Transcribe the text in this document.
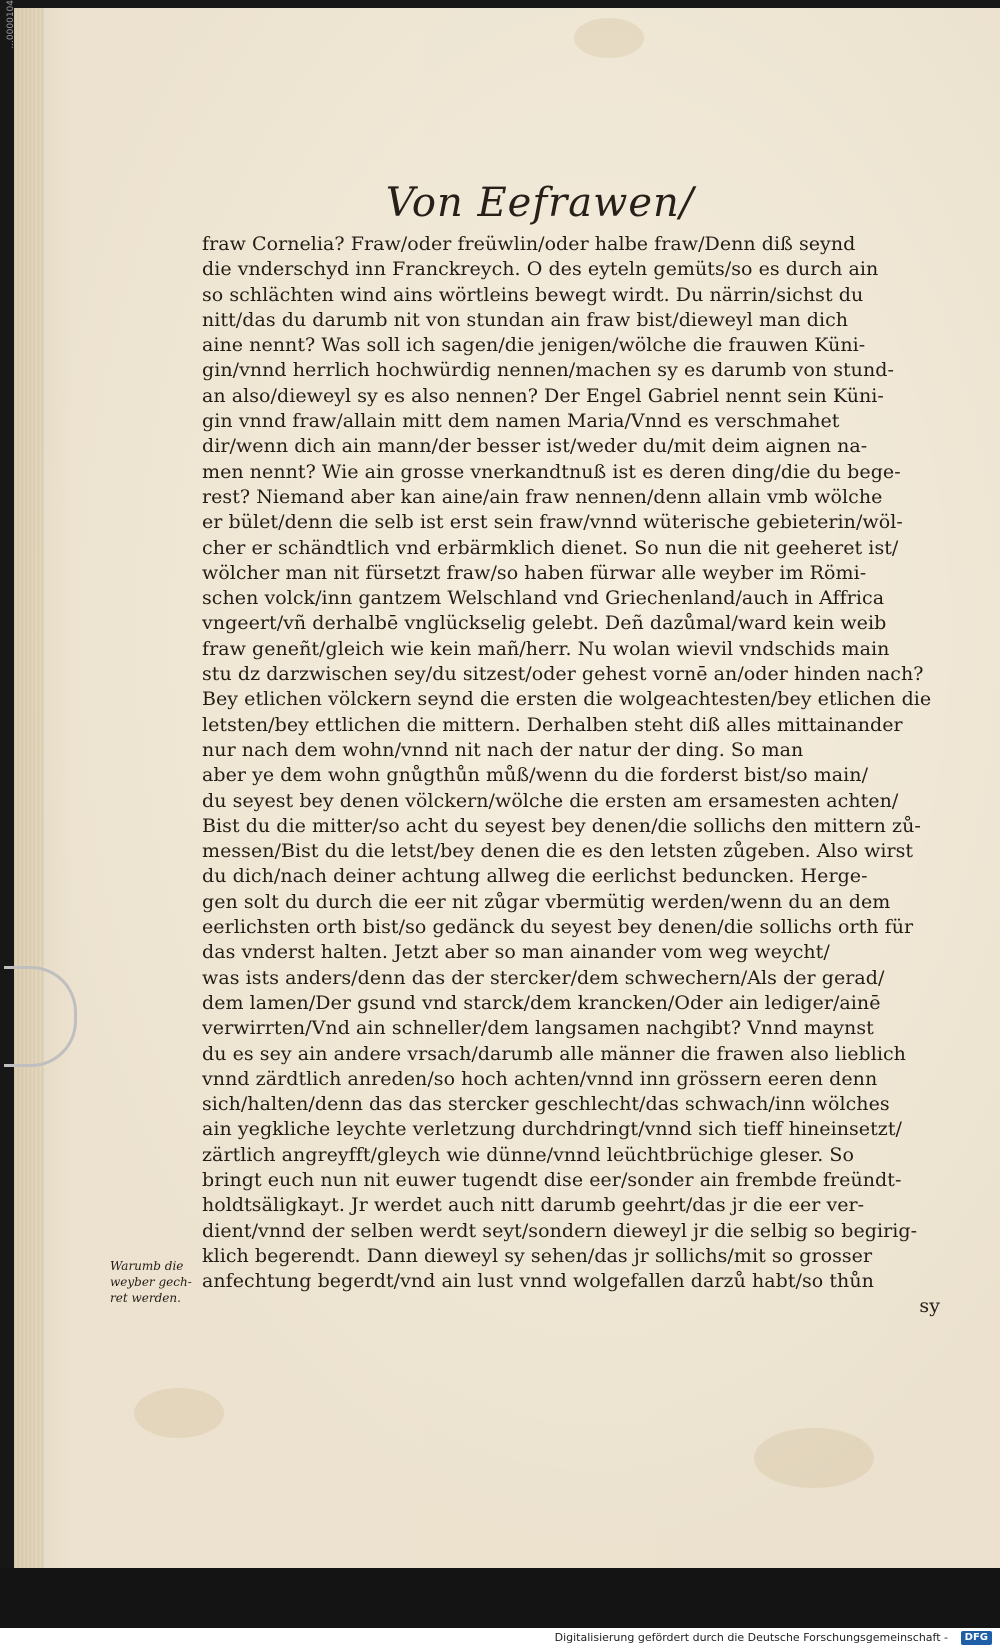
...0000104
Von Eefrawen/
fraw Cornelia? Fraw/oder freüwlin/oder halbe fraw/Denn diß seynd
die vnderschyd inn Franckreych. O des eyteln gemüts/so es durch ain
so schlächten wind ains wörtleins bewegt wirdt. Du närrin/sichst du
nitt/das du darumb nit von stundan ain fraw bist/dieweyl man dich
aine nennt? Was soll ich sagen/die jenigen/wölche die frauwen Küni-
gin/vnnd herrlich hochwürdig nennen/machen sy es darumb von stund-
an also/dieweyl sy es also nennen? Der Engel Gabriel nennt sein Küni-
gin vnnd fraw/allain mitt dem namen Maria/Vnnd es verschmahet
dir/wenn dich ain mann/der besser ist/weder du/mit deim aignen na-
men nennt? Wie ain grosse vnerkandtnuß ist es deren ding/die du bege-
rest? Niemand aber kan aine/ain fraw nennen/denn allain vmb wölche
er bület/denn die selb ist erst sein fraw/vnnd wüterische gebieterin/wöl-
cher er schändtlich vnd erbärmklich dienet. So nun die nit geeheret ist/
wölcher man nit fürsetzt fraw/so haben fürwar alle weyber im Römi-
schen volck/inn gantzem Welschland vnd Griechenland/auch in Affrica
vngeert/vñ derhalbē vnglückselig gelebt. Deñ dazůmal/ward kein weib
fraw geneñt/gleich wie kein mañ/herr. Nu wolan wievil vndschids main
stu dz darzwischen sey/du sitzest/oder gehest vornē an/oder hinden nach?
Bey etlichen völckern seynd die ersten die wolgeachtesten/bey etlichen die
letsten/bey ettlichen die mittern. Derhalben steht diß alles mittainander
nur nach dem wohn/vnnd nit nach der natur der ding. So man
aber ye dem wohn gnůgthůn můß/wenn du die forderst bist/so main/
du seyest bey denen völckern/wölche die ersten am ersamesten achten/
Bist du die mitter/so acht du seyest bey denen/die sollichs den mittern zů-
messen/Bist du die letst/bey denen die es den letsten zůgeben. Also wirst
du dich/nach deiner achtung allweg die eerlichst beduncken. Herge-
gen solt du durch die eer nit zůgar vbermütig werden/wenn du an dem
eerlichsten orth bist/so gedänck du seyest bey denen/die sollichs orth für
das vnderst halten. Jetzt aber so man ainander vom weg weycht/
was ists anders/denn das der stercker/dem schwechern/Als der gerad/
dem lamen/Der gsund vnd starck/dem krancken/Oder ain lediger/ainē
verwirrten/Vnd ain schneller/dem langsamen nachgibt? Vnnd maynst
du es sey ain andere vrsach/darumb alle männer die frawen also lieblich
vnnd zärdtlich anreden/so hoch achten/vnnd inn grössern eeren denn
sich/halten/denn das das stercker geschlecht/das schwach/inn wölches
ain yegkliche leychte verletzung durchdringt/vnnd sich tieff hineinsetzt/
zärtlich angreyfft/gleych wie dünne/vnnd leüchtbrüchige gleser. So
bringt euch nun nit euwer tugendt dise eer/sonder ain frembde freündt-
holdtsäligkayt. Jr werdet auch nitt darumb geehrt/das jr die eer ver-
dient/vnnd der selben werdt seyt/sondern dieweyl jr die selbig so begirig-
klich begerendt. Dann dieweyl sy sehen/das jr sollichs/mit so grosser
anfechtung begerdt/vnd ain lust vnnd wolgefallen darzů habt/so thůn
sy
Warumb die
weyber gech-
ret werden.
Digitalisierung gefördert durch die Deutsche Forschungsgemeinschaft -	DFG
